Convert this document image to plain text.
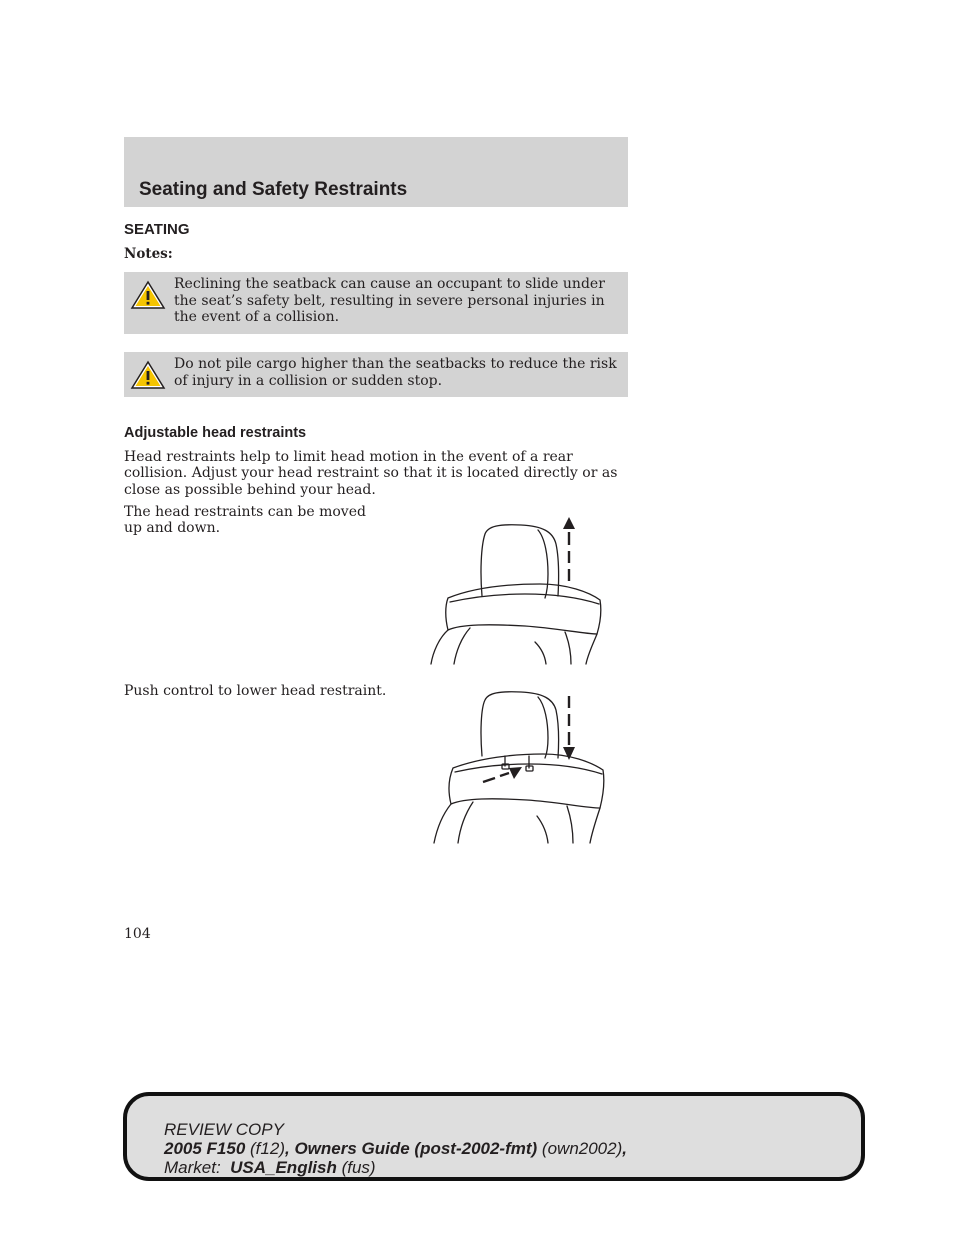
Seating and Safety Restraints
SEATING

Notes:

Reclining the seatback can cause an occupant to slide under the seat’s safety belt, resulting in severe personal injuries in the event of a collision.
Do not pile cargo higher than the seatbacks to reduce the risk of injury in a collision or sudden stop.
Adjustable head restraints

Head restraints help to limit head motion in the event of a rear collision. Adjust your head restraint so that it is located directly or as close as possible behind your head.

The head restraints can be moved up and down.

Push control to lower head restraint.

104

REVIEW COPY
2005 F150 (f12), Owners Guide (post-2002-fmt) (own2002),
Market:  USA_English (fus)
